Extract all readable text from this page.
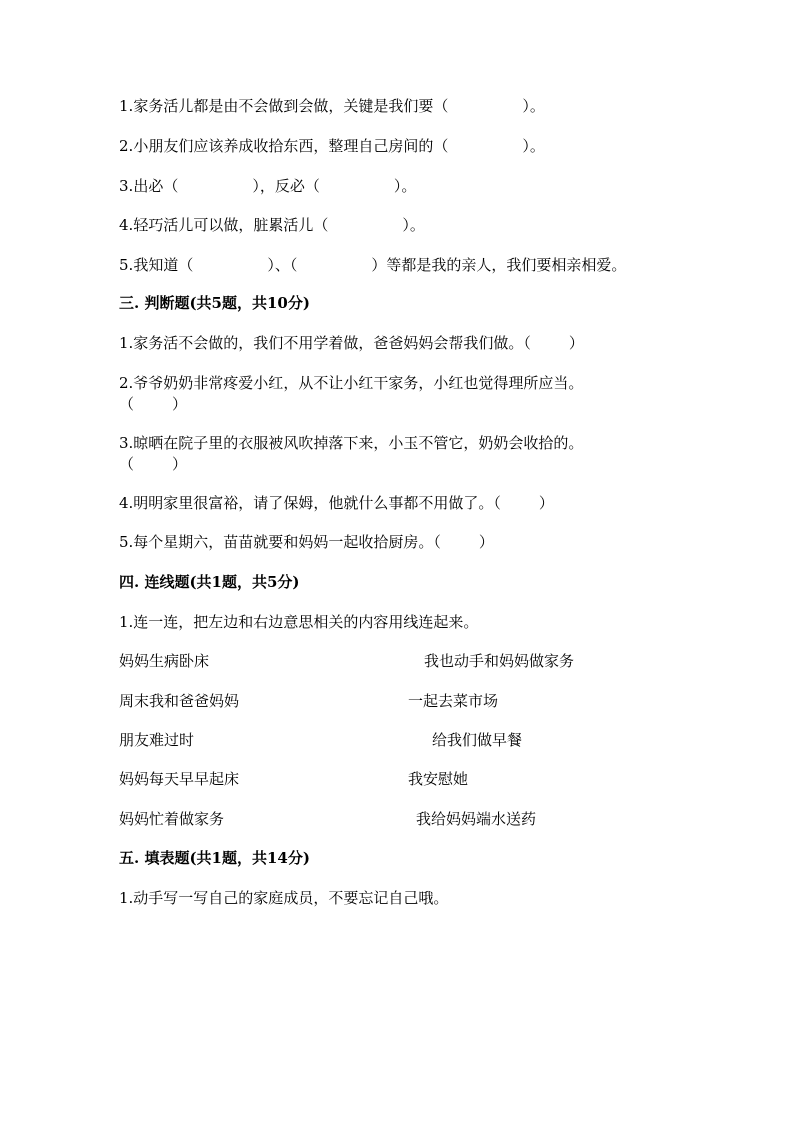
1.家务活儿都是由不会做到会做，关键是我们要（	）。
2.小朋友们应该养成收拾东西，整理自己房间的（	）。
3.出必（	），反必（	）。
4.轻巧活儿可以做，脏累活儿（	）。
5.我知道（	）、（	）等都是我的亲人，我们要相亲相爱。
三. 判断题(共5题，共10分)
1.家务活不会做的，我们不用学着做，爸爸妈妈会帮我们做。（	）
2.爷爷奶奶非常疼爱小红，从不让小红干家务，小红也觉得理所应当。
（	）
3.晾晒在院子里的衣服被风吹掉落下来，小玉不管它，奶奶会收拾的。
（	）
4.明明家里很富裕，请了保姆，他就什么事都不用做了。（	）
5.每个星期六，苗苗就要和妈妈一起收拾厨房。（	）
四. 连线题(共1题，共5分)
1.连一连，把左边和右边意思相关的内容用线连起来。
妈妈生病卧床	我也动手和妈妈做家务
周末我和爸爸妈妈	一起去菜市场
朋友难过时	给我们做早餐
妈妈每天早早起床	我安慰她
妈妈忙着做家务	我给妈妈端水送药
五. 填表题(共1题，共14分)
1.动手写一写自己的家庭成员，不要忘记自己哦。
